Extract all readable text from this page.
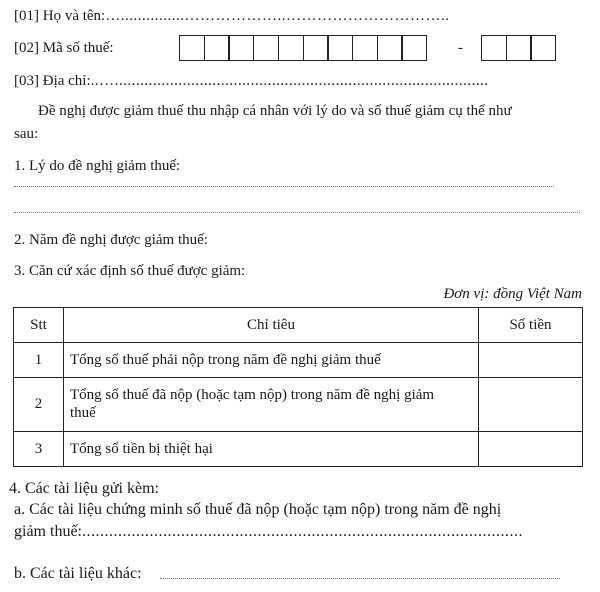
[01] Họ và tên:…...............………………..…………………………..
[02] Mã số thuế:	-
[03] Địa chỉ:..…........................................................................................
Đề nghị được giảm thuế thu nhập cá nhân với lý do và số thuế giảm cụ thể như
sau:
1. Lý do đề nghị giảm thuế:
2. Năm đề nghị được giảm thuế:
3. Căn cứ xác định số thuế được giảm:
Đơn vị: đồng Việt Nam
Stt	Chỉ tiêu	Số tiền
1	Tổng số thuế phải nộp trong năm đề nghị giảm thuế	
2	Tổng số thuế đã nộp (hoặc tạm nộp) trong năm đề nghị giảm
thuế	

3	Tổng số tiền bị thiệt hại	
4. Các tài liệu gửi kèm:
a. Các tài liệu chứng minh số thuế đã nộp (hoặc tạm nộp) trong năm đề nghị
giảm thuế:..................................................................................................
b. Các tài liệu khác:
